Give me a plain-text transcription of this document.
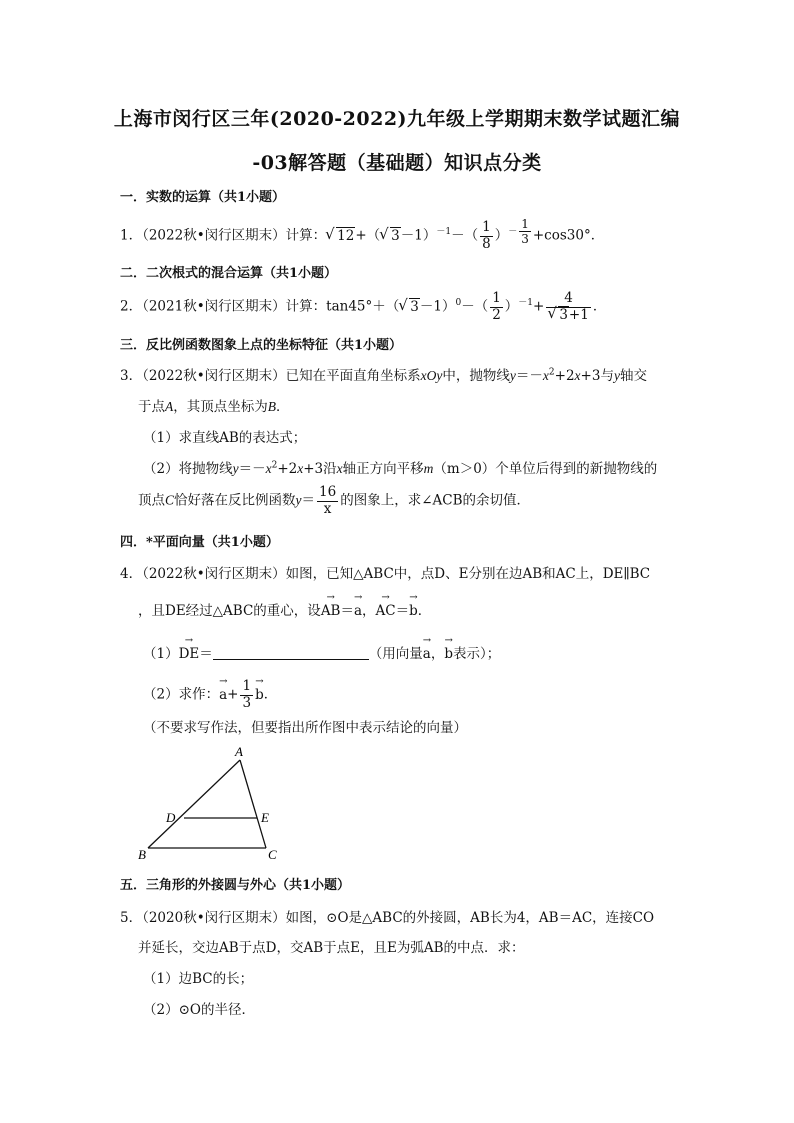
上海市闵行区三年(2020-2022)九年级上学期期末数学试题汇编
-03解答题（基础题）知识点分类
一．实数的运算（共1小题）
1．（2022秋•闵行区期末）计算： √ 12+（ √ $3-1)^{-1}-( \frac{1}{8} )^{- \frac{1}{3}} +\cos 30^\circ$．
二．二次根式的混合运算（共1小题）
2．（2021秋•闵行区期末）计算：tan45°＋（ √ $3-1)^0-( \frac{1}{2} )^{-1}+ 4$
√ 3+1 ．
三．反比例函数图象上点的坐标特征（共1小题）
3．（2022秋•闵行区期末）已知在平面直角坐标系xOy中，抛物线$y=-x^2+2x+3$与y轴交
于点A，其顶点坐标为B．
（1）求直线AB的表达式；
（2）将抛物线$y=-x^2+2x+3$沿x轴正方向平移m（m＞0）个单位后得到的新抛物线的
顶点C恰好落在反比例函数$y= \frac{16}{x}$ 的图象上，求∠ACB的余切值．
四．*平面向量（共1小题）
4．（2022秋•闵行区期末）如图，已知△ABC中，点D、E分别在边AB和AC上，DE∥BC
，且DE经过△ABC的重心，设AB →＝a →，AC →＝b →．
（1）DE →＝	（用向量a →，b →表示）；
（2）求作：$a \to+ \frac{1}{3}$ b →．
（不要求写作法，但要指出所作图中表示结论的向量）
A
B	C
D	E
五．三角形的外接圆与外心（共1小题）
5．（2020秋•闵行区期末）如图，⊙O是△ABC的外接圆，AB长为4，AB＝AC，连接CO
并延长，交边AB于点D，交AB于点E，且E为弧AB的中点．求：
（1）边BC的长；
（2）⊙O的半径．
